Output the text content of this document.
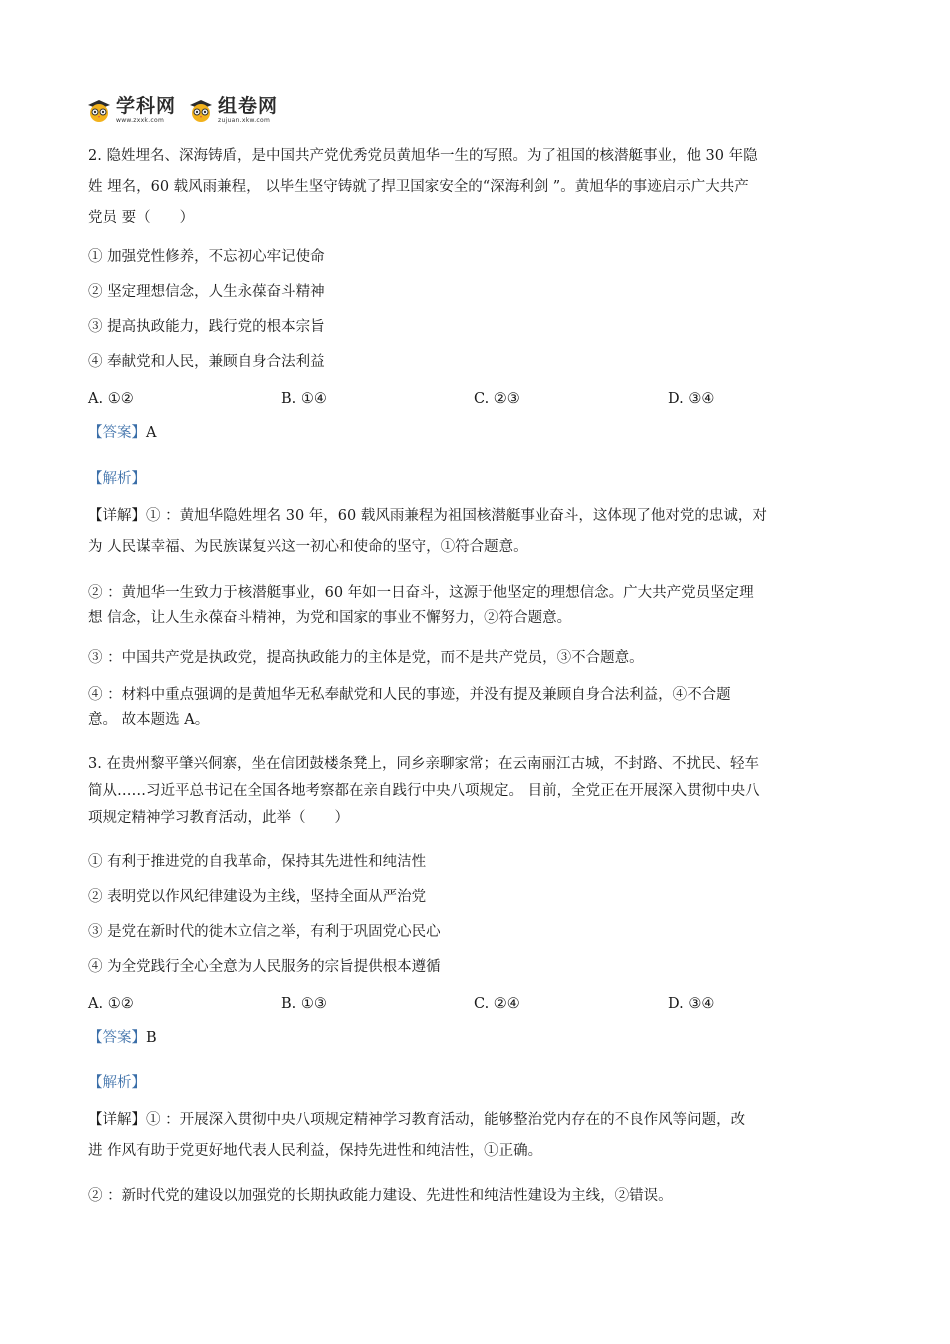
学科网
www.zxxk.com
组卷网
zujuan.xkw.com
2. 隐姓埋名、深海铸盾，是中国共产党优秀党员黄旭华一生的写照。为了祖国的核潜艇事业，他 30 年隐
姓 埋名，60 载风雨兼程， 以毕生坚守铸就了捍卫国家安全的“深海利剑 ”。黄旭华的事迹启示广大共产
党员 要（　　）
① 加强党性修养，不忘初心牢记使命
② 坚定理想信念，人生永葆奋斗精神
③ 提高执政能力，践行党的根本宗旨
④ 奉献党和人民，兼顾自身合法利益
A. ①②	B. ①④	C. ②③	D. ③④
【答案】A
【解析】
【详解】① ：黄旭华隐姓埋名 30 年，60 载风雨兼程为祖国核潜艇事业奋斗，这体现了他对党的忠诚，对
为 人民谋幸福、为民族谋复兴这一初心和使命的坚守，①符合题意。
② ：黄旭华一生致力于核潜艇事业，60 年如一日奋斗，这源于他坚定的理想信念。广大共产党员坚定理
想 信念，让人生永葆奋斗精神，为党和国家的事业不懈努力，②符合题意。
③ ：中国共产党是执政党，提高执政能力的主体是党，而不是共产党员，③不合题意。
④ ：材料中重点强调的是黄旭华无私奉献党和人民的事迹，并没有提及兼顾自身合法利益，④不合题
意。 故本题选 A。
3. 在贵州黎平肇兴侗寨，坐在信团鼓楼条凳上，同乡亲聊家常；在云南丽江古城，不封路、不扰民、轻车
简从……习近平总书记在全国各地考察都在亲自践行中央八项规定。 目前，全党正在开展深入贯彻中央八
项规定精神学习教育活动，此举（　　）
① 有利于推进党的自我革命，保持其先进性和纯洁性
② 表明党以作风纪律建设为主线，坚持全面从严治党
③ 是党在新时代的徙木立信之举，有利于巩固党心民心
④ 为全党践行全心全意为人民服务的宗旨提供根本遵循
A. ①②	B. ①③	C. ②④	D. ③④
【答案】B
【解析】
【详解】① ：开展深入贯彻中央八项规定精神学习教育活动，能够整治党内存在的不良作风等问题，改
进 作风有助于党更好地代表人民利益，保持先进性和纯洁性，①正确。
② ：新时代党的建设以加强党的长期执政能力建设、先进性和纯洁性建设为主线，②错误。
